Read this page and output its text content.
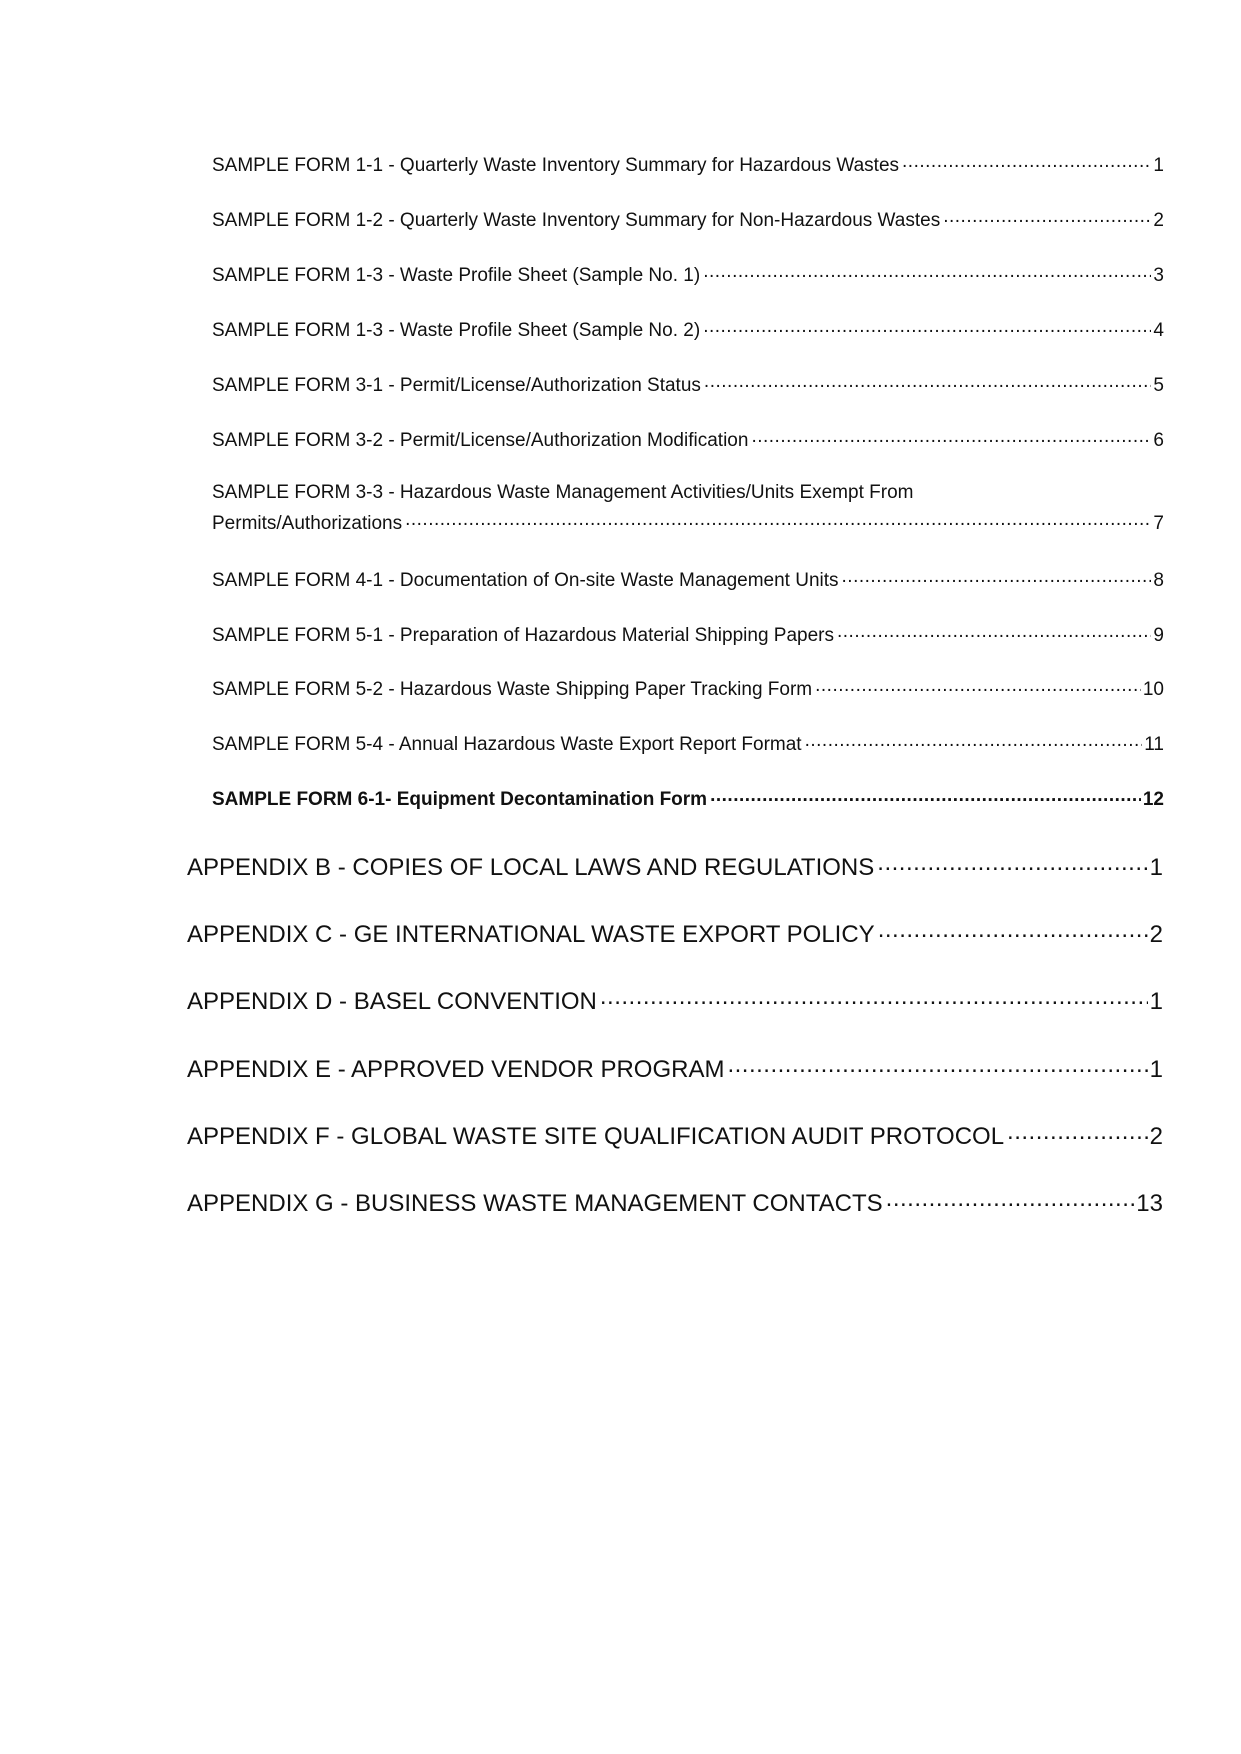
SAMPLE FORM 1-1 - Quarterly Waste Inventory Summary for Hazardous Wastes .....	1
SAMPLE FORM 1-2 - Quarterly Waste Inventory Summary for Non-Hazardous Wastes .....	2
SAMPLE FORM 1-3 - Waste Profile Sheet (Sample No. 1) .....	3
SAMPLE FORM 1-3 - Waste Profile Sheet (Sample No. 2) .....	4
SAMPLE FORM 3-1 - Permit/License/Authorization Status .....	5
SAMPLE FORM 3-2 - Permit/License/Authorization Modification .....	6
SAMPLE FORM 3-3 - Hazardous Waste Management Activities/Units Exempt From
Permits/Authorizations .....	7
SAMPLE FORM 4-1 - Documentation of On-site Waste Management Units .....	8
SAMPLE FORM 5-1 - Preparation of Hazardous Material Shipping Papers .....	9
SAMPLE FORM 5-2 - Hazardous Waste Shipping Paper Tracking Form .....	10
SAMPLE FORM 5-4 - Annual Hazardous Waste Export Report Format .....	11
SAMPLE FORM 6-1- Equipment Decontamination Form .....	12
APPENDIX B - COPIES OF LOCAL LAWS AND REGULATIONS .....	1
APPENDIX C - GE INTERNATIONAL WASTE EXPORT POLICY .....	2
APPENDIX D - BASEL CONVENTION .....	1
APPENDIX E - APPROVED VENDOR PROGRAM .....	1
APPENDIX F - GLOBAL WASTE SITE QUALIFICATION AUDIT PROTOCOL .....	2
APPENDIX G - BUSINESS WASTE MANAGEMENT CONTACTS .....	13
